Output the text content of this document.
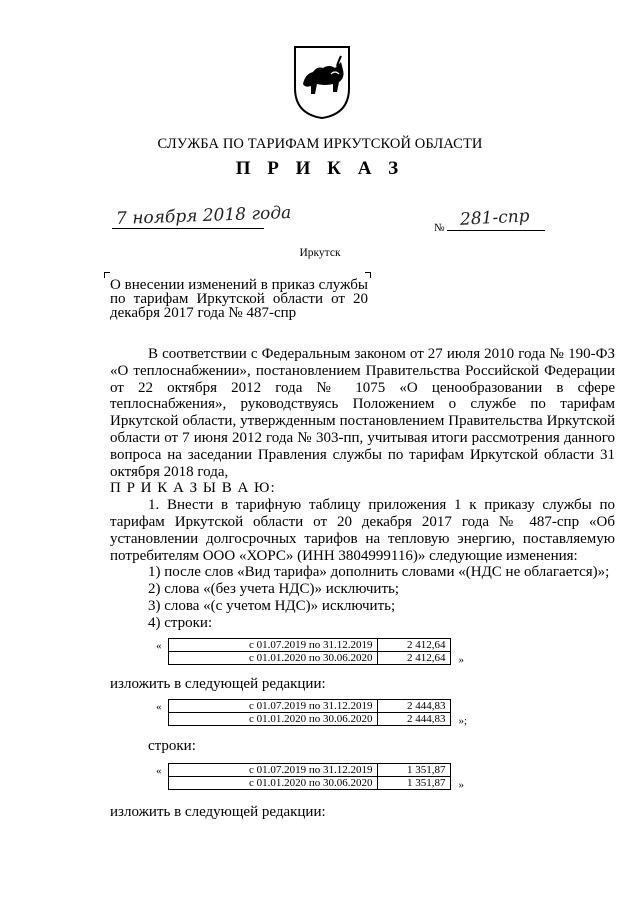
СЛУЖБА ПО ТАРИФАМ ИРКУТСКОЙ ОБЛАСТИ
П Р И К А З
7 ноября 2018 года	№ 281-спр
Иркутск
О внесении изменений в приказ службы по тарифам Иркутской области от 20 декабря 2017 года № 487-спр

В соответствии с Федеральным законом от 27 июля 2010 года № 190-ФЗ «О теплоснабжении», постановлением Правительства Российской Федерации от 22 октября 2012 года № 1075 «О ценообразовании в сфере теплоснабжения», руководствуясь Положением о службе по тарифам Иркутской области, утвержденным постановлением Правительства Иркутской области от 7 июня 2012 года № 303-пп, учитывая итоги рассмотрения данного вопроса на заседании Правления службы по тарифам Иркутской области 31 октября 2018 года,

П Р И К А З Ы В А Ю:

1. Внести в тарифную таблицу приложения 1 к приказу службы по тарифам Иркутской области от 20 декабря 2017 года № 487-спр «Об установлении долгосрочных тарифов на тепловую энергию, поставляемую потребителям ООО «ХОРС» (ИНН 3804999116)» следующие изменения:

1) после слов «Вид тарифа» дополнить словами «(НДС не облагается)»;

2) слова «(без учета НДС)» исключить;

3) слова «(с учетом НДС)» исключить;

4) строки:

«	с 01.07.2019 по 31.12.2019	2 412,64
с 01.01.2020 по 30.06.2020	2 412,64 »

изложить в следующей редакции:

«	с 01.07.2019 по 31.12.2019	2 444,83
с 01.01.2020 по 30.06.2020	2 444,83 »;

строки:

«	с 01.07.2019 по 31.12.2019	1 351,87
с 01.01.2020 по 30.06.2020	1 351,87 »

изложить в следующей редакции:
